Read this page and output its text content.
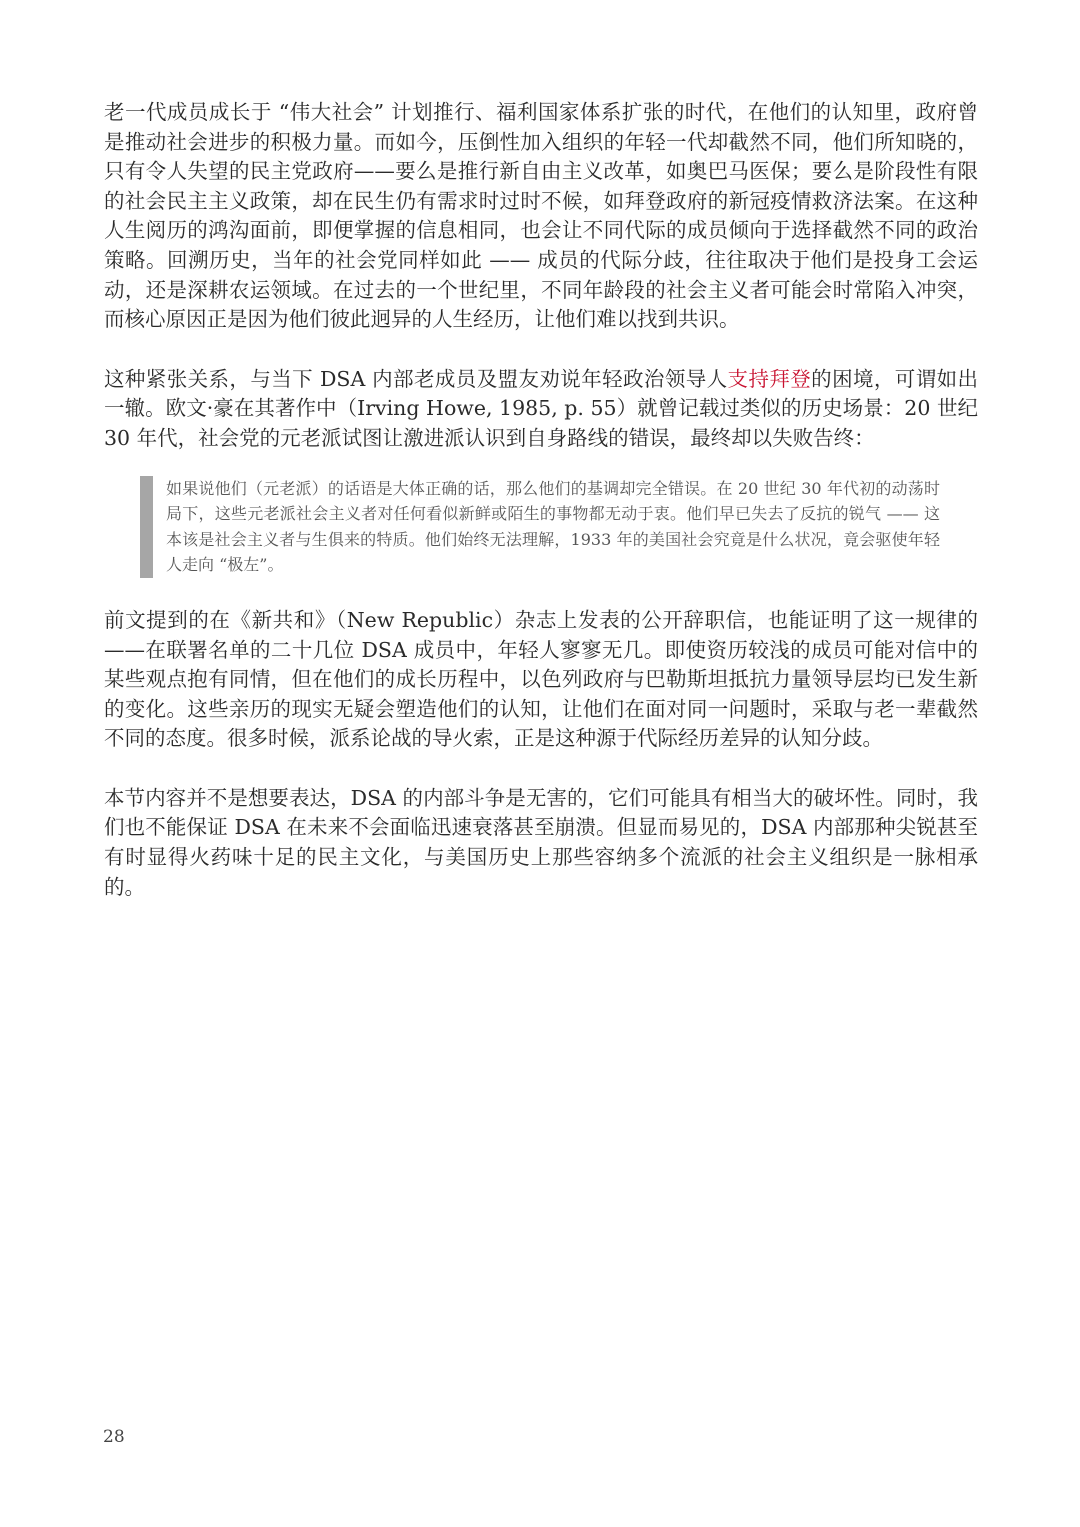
老一代成员成长于 “伟大社会” 计划推行、福利国家体系扩张的时代，在他们的认知里，政府曾是推动社会进步的积极力量。而如今，压倒性加入组织的年轻一代却截然不同，他们所知晓的，只有令人失望的民主党政府——要么是推行新自由主义改革，如奥巴马医保；要么是阶段性有限的社会民主主义政策，却在民生仍有需求时过时不候，如拜登政府的新冠疫情救济法案。在这种人生阅历的鸿沟面前，即便掌握的信息相同，也会让不同代际的成员倾向于选择截然不同的政治策略。回溯历史，当年的社会党同样如此 —— 成员的代际分歧，往往取决于他们是投身工会运动，还是深耕农运领域。在过去的一个世纪里，不同年龄段的社会主义者可能会时常陷入冲突，而核心原因正是因为他们彼此迥异的人生经历，让他们难以找到共识。

这种紧张关系，与当下 DSA 内部老成员及盟友劝说年轻政治领导人支持拜登的困境，可谓如出一辙。欧文·豪在其著作中（Irving Howe, 1985, p. 55）就曾记载过类似的历史场景：20 世纪 30 年代，社会党的元老派试图让激进派认识到自身路线的错误，最终却以失败告终：

如果说他们（元老派）的话语是大体正确的话，那么他们的基调却完全错误。在 20 世纪 30 年代初的动荡时局下，这些元老派社会主义者对任何看似新鲜或陌生的事物都无动于衷。他们早已失去了反抗的锐气 —— 这本该是社会主义者与生俱来的特质。他们始终无法理解，1933 年的美国社会究竟是什么状况，竟会驱使年轻人走向 “极左”。

前文提到的在《新共和》（New Republic）杂志上发表的公开辞职信，也能证明了这一规律的——在联署名单的二十几位 DSA 成员中，年轻人寥寥无几。即使资历较浅的成员可能对信中的某些观点抱有同情，但在他们的成长历程中，以色列政府与巴勒斯坦抵抗力量领导层均已发生新的变化。这些亲历的现实无疑会塑造他们的认知，让他们在面对同一问题时，采取与老一辈截然不同的态度。很多时候，派系论战的导火索，正是这种源于代际经历差异的认知分歧。

本节内容并不是想要表达，DSA 的内部斗争是无害的，它们可能具有相当大的破坏性。同时，我们也不能保证 DSA 在未来不会面临迅速衰落甚至崩溃。但显而易见的，DSA 内部那种尖锐甚至有时显得火药味十足的民主文化，与美国历史上那些容纳多个流派的社会主义组织是一脉相承的。

28
